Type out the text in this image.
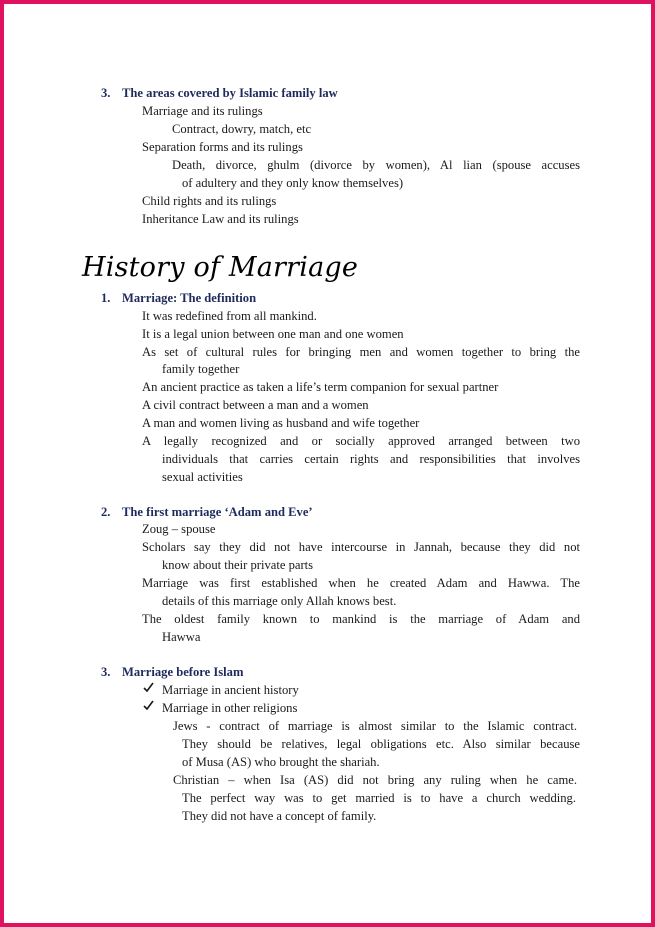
3. The areas covered by Islamic family law
Marriage and its rulings
Contract, dowry, match, etc
Separation forms and its rulings
Death, divorce, ghulm (divorce by women), Al lian (spouse accuses
of adultery and they only know themselves)
Child rights and its rulings
Inheritance Law and its rulings
History of Marriage
1. Marriage: The definition
It was redefined from all mankind.
It is a legal union between one man and one women
As set of cultural rules for bringing men and women together to bring the
family together
An ancient practice as taken a life’s term companion for sexual partner
A civil contract between a man and a women
A man and women living as husband and wife together
A legally recognized and or socially approved arranged between two
individuals that carries certain rights and responsibilities that involves
sexual activities
2. The first marriage ‘Adam and Eve’
Zoug – spouse
Scholars say they did not have intercourse in Jannah, because they did not
know about their private parts
Marriage was first established when he created Adam and Hawwa. The
details of this marriage only Allah knows best.
The oldest family known to mankind is the marriage of Adam and
Hawwa
3. Marriage before Islam
Marriage in ancient history
Marriage in other religions
Jews - contract of marriage is almost similar to the Islamic contract.
They should be relatives, legal obligations etc. Also similar because
of Musa (AS) who brought the shariah.
Christian – when Isa (AS) did not bring any ruling when he came.
The perfect way was to get married is to have a church wedding.
They did not have a concept of family.
